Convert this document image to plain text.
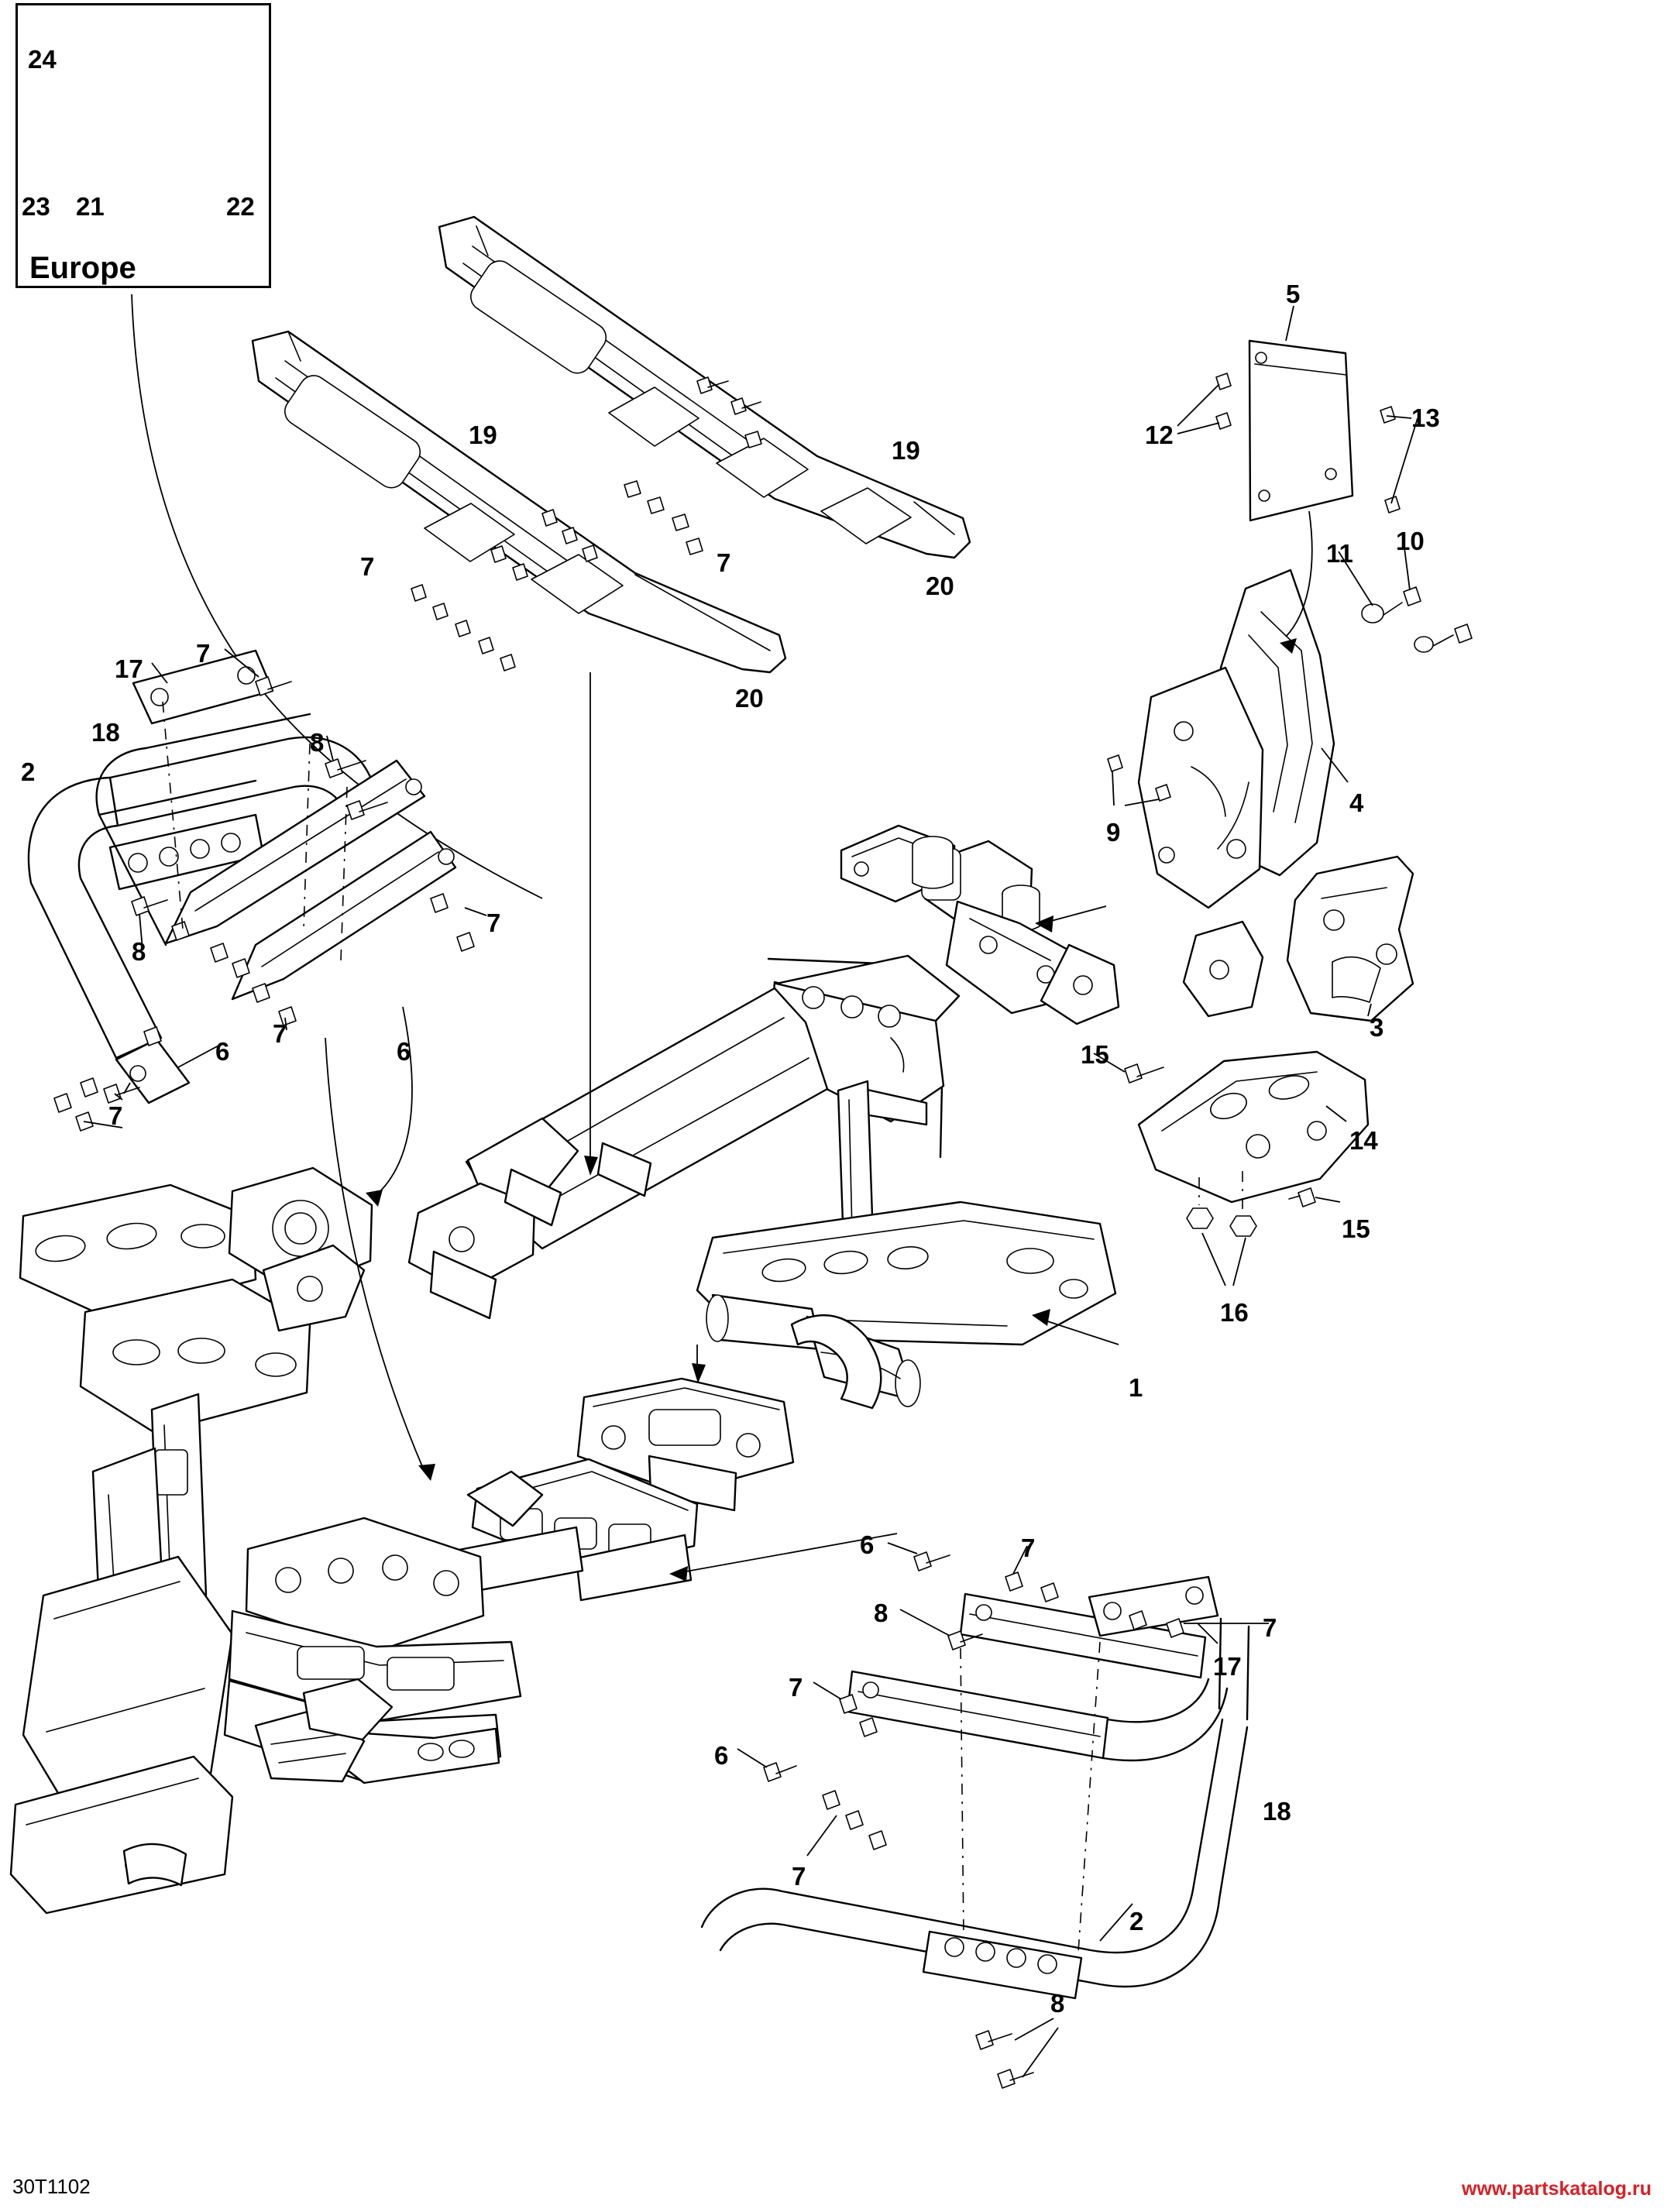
Europe
24
23 21	22
5
12
13
19
19
20
20
7	7	11 10
4
9
17
7
18	8
2
7
8
7
6	6
7
3
15
14
15
16
1
6	7
8
7
17
7
6
7
18
2
8
30T1102	www.partskatalog.ru
